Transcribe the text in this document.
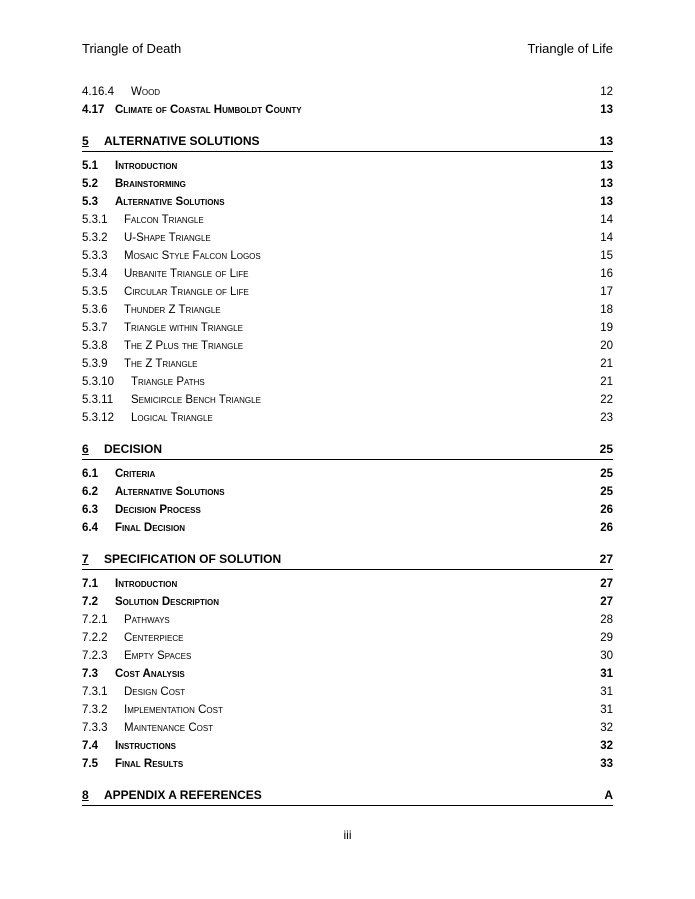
Triangle of Death	Triangle of Life
4.16.4 Wood	12
4.17 Climate of Coastal Humboldt County	13
5 ALTERNATIVE SOLUTIONS	13
5.1 Introduction	13
5.2 Brainstorming	13
5.3 Alternative Solutions	13
5.3.1 Falcon Triangle	14
5.3.2 U-Shape Triangle	14
5.3.3 Mosaic Style Falcon Logos	15
5.3.4 Urbanite Triangle of Life	16
5.3.5 Circular Triangle of Life	17
5.3.6 Thunder Z Triangle	18
5.3.7 Triangle within Triangle	19
5.3.8 The Z Plus the Triangle	20
5.3.9 The Z Triangle	21
5.3.10 Triangle Paths	21
5.3.11 Semicircle Bench Triangle	22
5.3.12 Logical Triangle	23
6 DECISION	25
6.1 Criteria	25
6.2 Alternative Solutions	25
6.3 Decision Process	26
6.4 Final Decision	26
7 SPECIFICATION OF SOLUTION	27
7.1 Introduction	27
7.2 Solution Description	27
7.2.1 Pathways	28
7.2.2 Centerpiece	29
7.2.3 Empty Spaces	30
7.3 Cost Analysis	31
7.3.1 Design Cost	31
7.3.2 Implementation Cost	31
7.3.3 Maintenance Cost	32
7.4 Instructions	32
7.5 Final Results	33
8 APPENDIX A REFERENCES	A
iii
